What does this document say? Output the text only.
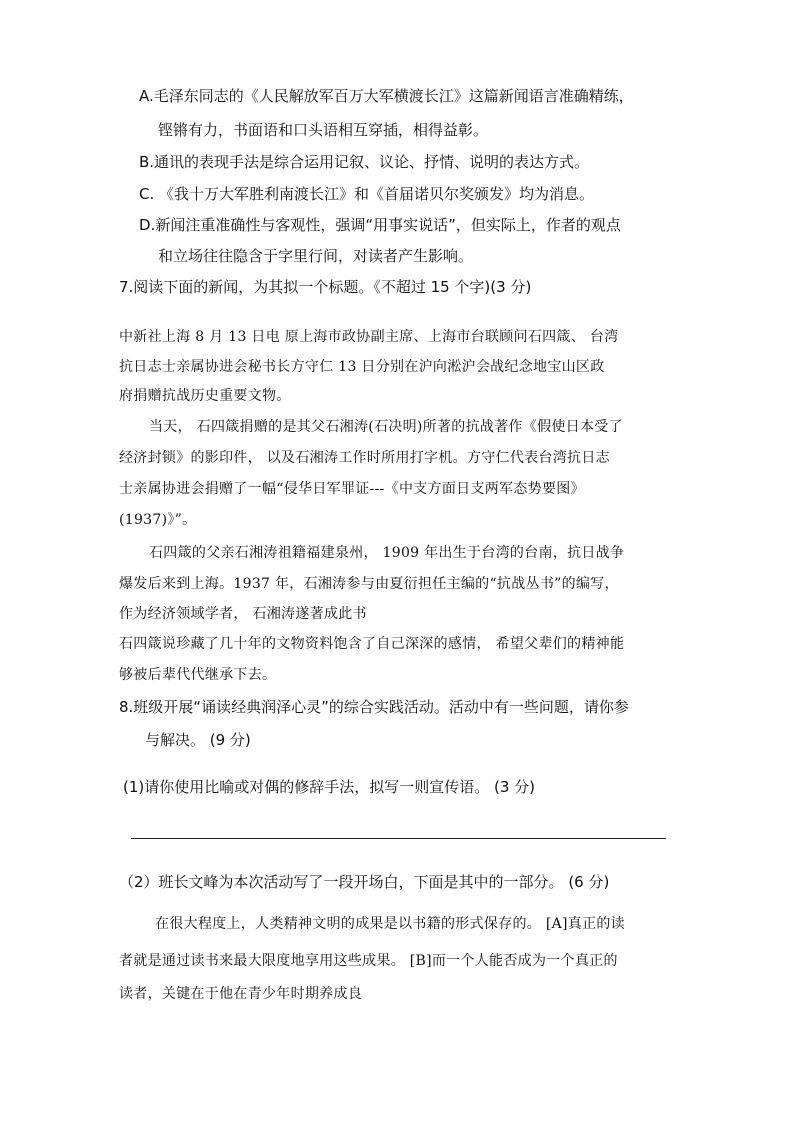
A.毛泽东同志的《人民解放军百万大军横渡长江》这篇新闻语言准确精练，
铿锵有力，书面语和口头语相互穿插，相得益彰。
B.通讯的表现手法是综合运用记叙、议论、抒情、说明的表达方式。
C. 《我十万大军胜利南渡长江》和《首届诺贝尔奖颁发》均为消息。
D.新闻注重准确性与客观性，强调“用事实说话”，但实际上，作者的观点
和立场往往隐含于字里行间，对读者产生影响。
7.阅读下面的新闻，为其拟一个标题。《不超过 15 个字)(3 分)
中新社上海 8 月 13 日电 原上海市政协副主席、上海市台联顾问石四箴、 台湾
抗日志士亲属协进会秘书长方守仁 13 日分别在沪向淞沪会战纪念地宝山区政
府捐赠抗战历史重要文物。
当天， 石四箴捐赠的是其父石湘涛(石决明)所著的抗战著作《假使日本受了
经济封锁》的影印件， 以及石湘涛工作时所用打字机。方守仁代表台湾抗日志
士亲属协进会捐赠了一幅“侵华日军罪证---《中支方面日支两军态势要图》
(1937)》”。
石四箴的父亲石湘涛祖籍福建泉州， 1909 年出生于台湾的台南，抗日战争
爆发后来到上海。1937 年，石湘涛参与由夏衍担任主编的“抗战丛书”的编写，
作为经济领域学者， 石湘涛遂著成此书
石四箴说珍藏了几十年的文物资料饱含了自己深深的感情， 希望父辈们的精神能
够被后辈代代继承下去。
8.班级开展“诵读经典润泽心灵”的综合实践活动。活动中有一些问题，请你参
与解决。 (9 分)
(1)请你使用比喻或对偶的修辞手法，拟写一则宣传语。 (3 分)
（2）班长文峰为本次活动写了一段开场白，下面是其中的一部分。 (6 分)
在很大程度上，人类精神文明的成果是以书籍的形式保存的。 [A]真正的读
者就是通过读书来最大限度地享用这些成果。 [B]而一个人能否成为一个真正的
读者，关键在于他在青少年时期养成良
